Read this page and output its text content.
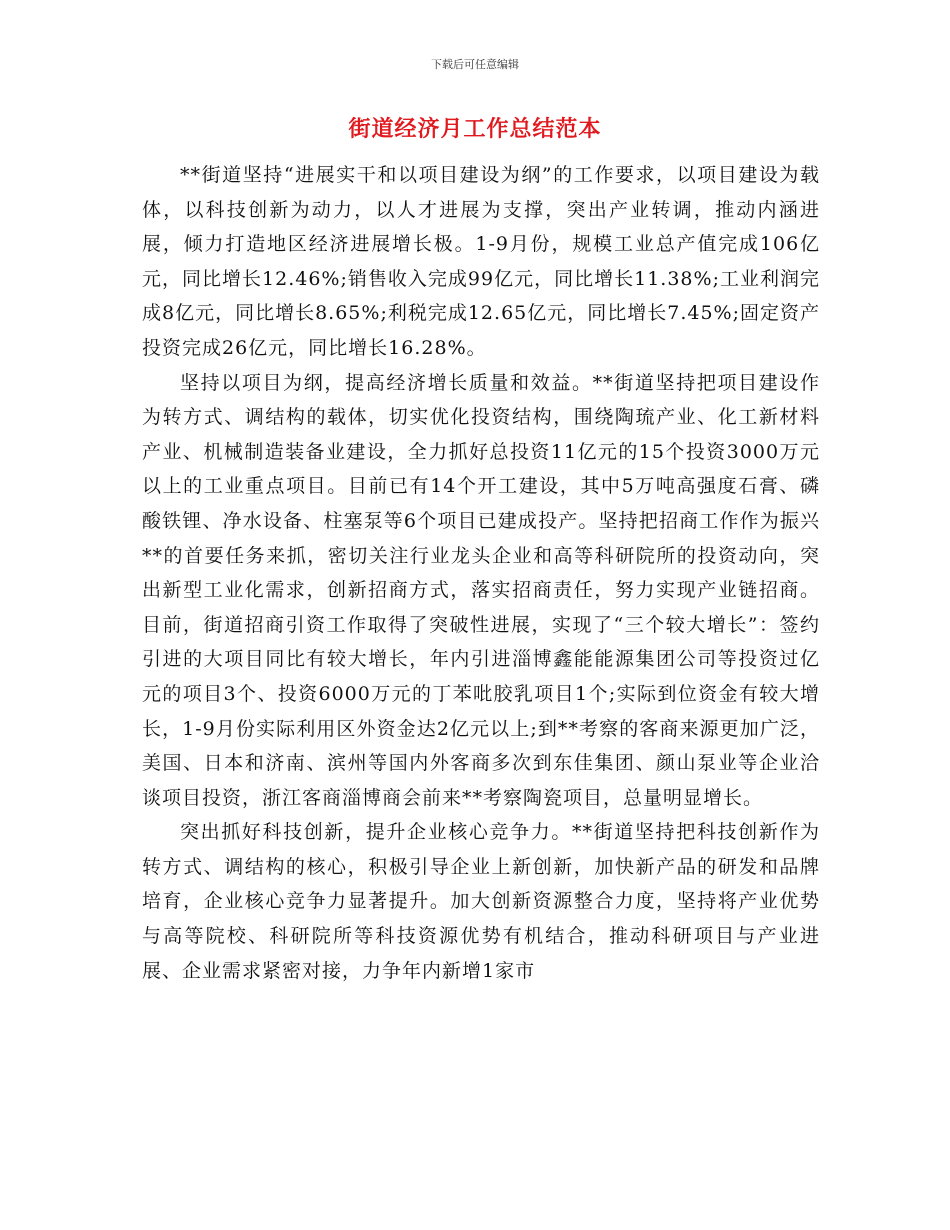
下载后可任意编辑
街道经济月工作总结范本

**街道坚持“进展实干和以项目建设为纲”的工作要求，以项目建设为载体，以科技创新为动力，以人才进展为支撑，突出产业转调，推动内涵进展，倾力打造地区经济进展增长极。1-9月份，规模工业总产值完成106亿元，同比增长12.46%;销售收入完成99亿元，同比增长11.38%;工业利润完成8亿元，同比增长8.65%;利税完成12.65亿元，同比增长7.45%;固定资产投资完成26亿元，同比增长16.28%。

坚持以项目为纲，提高经济增长质量和效益。**街道坚持把项目建设作为转方式、调结构的载体，切实优化投资结构，围绕陶琉产业、化工新材料产业、机械制造装备业建设，全力抓好总投资11亿元的15个投资3000万元以上的工业重点项目。目前已有14个开工建设，其中5万吨高强度石膏、磷酸铁锂、净水设备、柱塞泵等6个项目已建成投产。坚持把招商工作作为振兴**的首要任务来抓，密切关注行业龙头企业和高等科研院所的投资动向，突出新型工业化需求，创新招商方式，落实招商责任，努力实现产业链招商。目前，街道招商引资工作取得了突破性进展，实现了“三个较大增长”：签约引进的大项目同比有较大增长，年内引进淄博鑫能能源集团公司等投资过亿元的项目3个、投资6000万元的丁苯吡胶乳项目1个;实际到位资金有较大增长，1-9月份实际利用区外资金达2亿元以上;到**考察的客商来源更加广泛，美国、日本和济南、滨州等国内外客商多次到东佳集团、颜山泵业等企业洽谈项目投资，浙江客商淄博商会前来**考察陶瓷项目，总量明显增长。

突出抓好科技创新，提升企业核心竞争力。**街道坚持把科技创新作为转方式、调结构的核心，积极引导企业上新创新，加快新产品的研发和品牌培育，企业核心竞争力显著提升。加大创新资源整合力度，坚持将产业优势与高等院校、科研院所等科技资源优势有机结合，推动科研项目与产业进展、企业需求紧密对接，力争年内新增1家市
